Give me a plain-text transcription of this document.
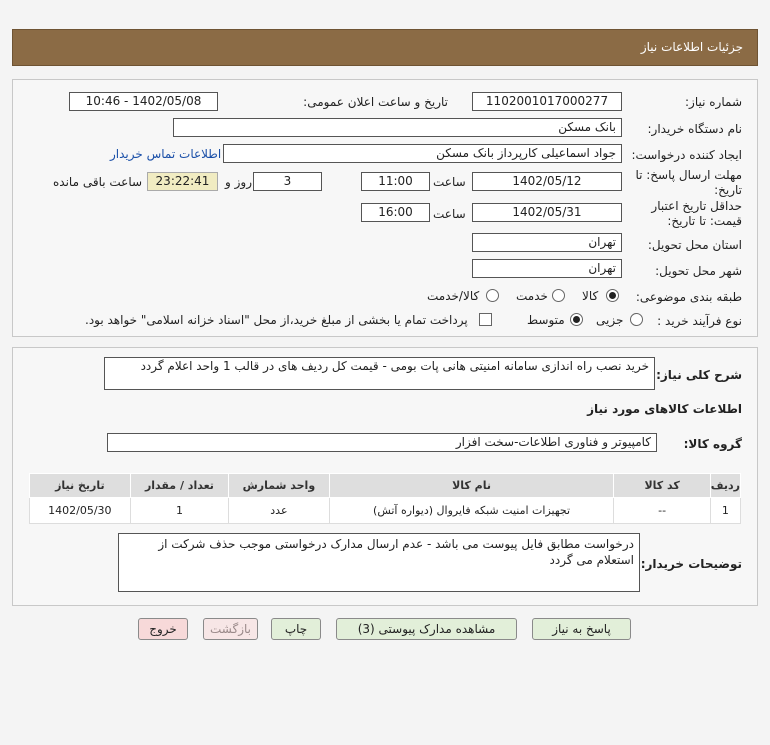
جزئیات اطلاعات نیاز
شماره نیاز:
1102001017000277
تاریخ و ساعت اعلان عمومی:
1402/05/08 - 10:46
نام دستگاه خریدار:
بانک مسکن
ایجاد کننده درخواست:
جواد اسماعیلی کارپرداز بانک مسکن
اطلاعات تماس خریدار
مهلت ارسال پاسخ: تا
تاریخ:
1402/05/12
ساعت
11:00
3
روز و
23:22:41
ساعت باقی مانده
حداقل تاریخ اعتبار
قیمت: تا تاریخ:
1402/05/31
ساعت
16:00
استان محل تحویل:
تهران
شهر محل تحویل:
تهران
طبقه بندی موضوعی:
کالا
خدمت
کالا/خدمت
نوع فرآیند خرید :
جزیی
متوسط
پرداخت تمام یا بخشی از مبلغ خرید،از محل "اسناد خزانه اسلامی" خواهد بود.
شرح کلی نیاز:
خرید نصب راه اندازی سامانه امنیتی هانی پات بومی - قیمت کل ردیف های در قالب 1 واحد اعلام گردد
اطلاعات کالاهای مورد نیاز
گروه کالا:
کامپیوتر و فناوری اطلاعات-سخت افزار
ردیف	کد کالا	نام کالا	واحد شمارش	تعداد / مقدار	تاریخ نیاز
1	--	تجهیزات امنیت شبکه فایروال (دیواره آتش)	عدد	1	1402/05/30
توضیحات خریدار:
درخواست مطابق فایل پیوست می باشد - عدم ارسال مدارک درخواستی موجب حذف شرکت از استعلام می گردد
پاسخ به نیاز
مشاهده مدارک پیوستی (3)
چاپ
بازگشت
خروج
